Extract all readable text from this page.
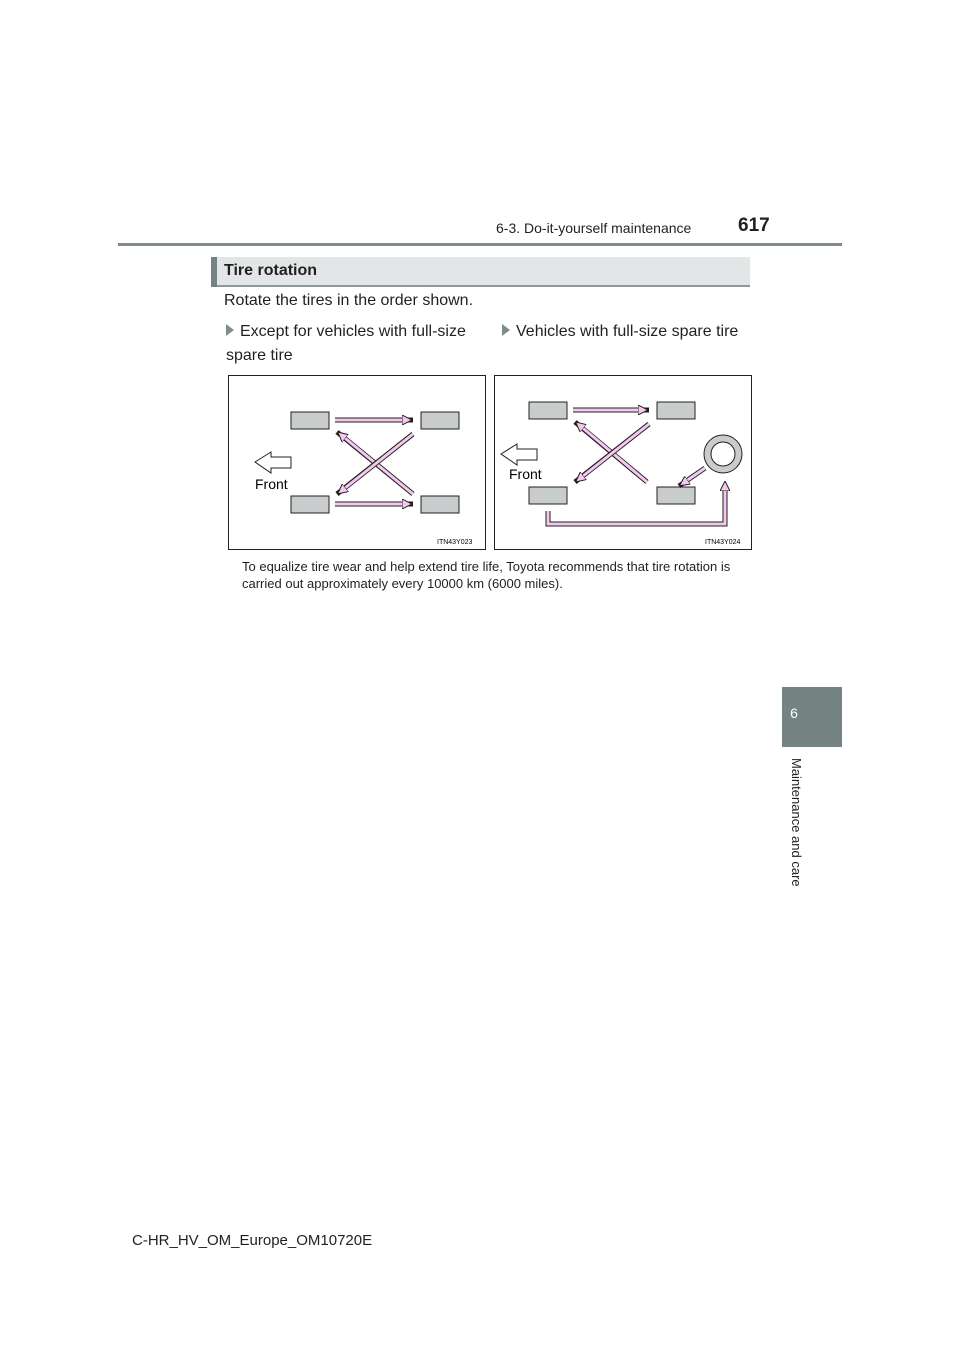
6-3. Do-it-yourself maintenance 617
6
Maintenance and care
Tire rotation
Rotate the tires in the order shown.
Except for vehicles with full-size spare tire
Vehicles with full-size spare tire
Front
ITN43Y023
Front
ITN43Y024
To equalize tire wear and help extend tire life, Toyota recommends that tire rotation is carried out approximately every 10000 km (6000 miles).
C-HR_HV_OM_Europe_OM10720E
